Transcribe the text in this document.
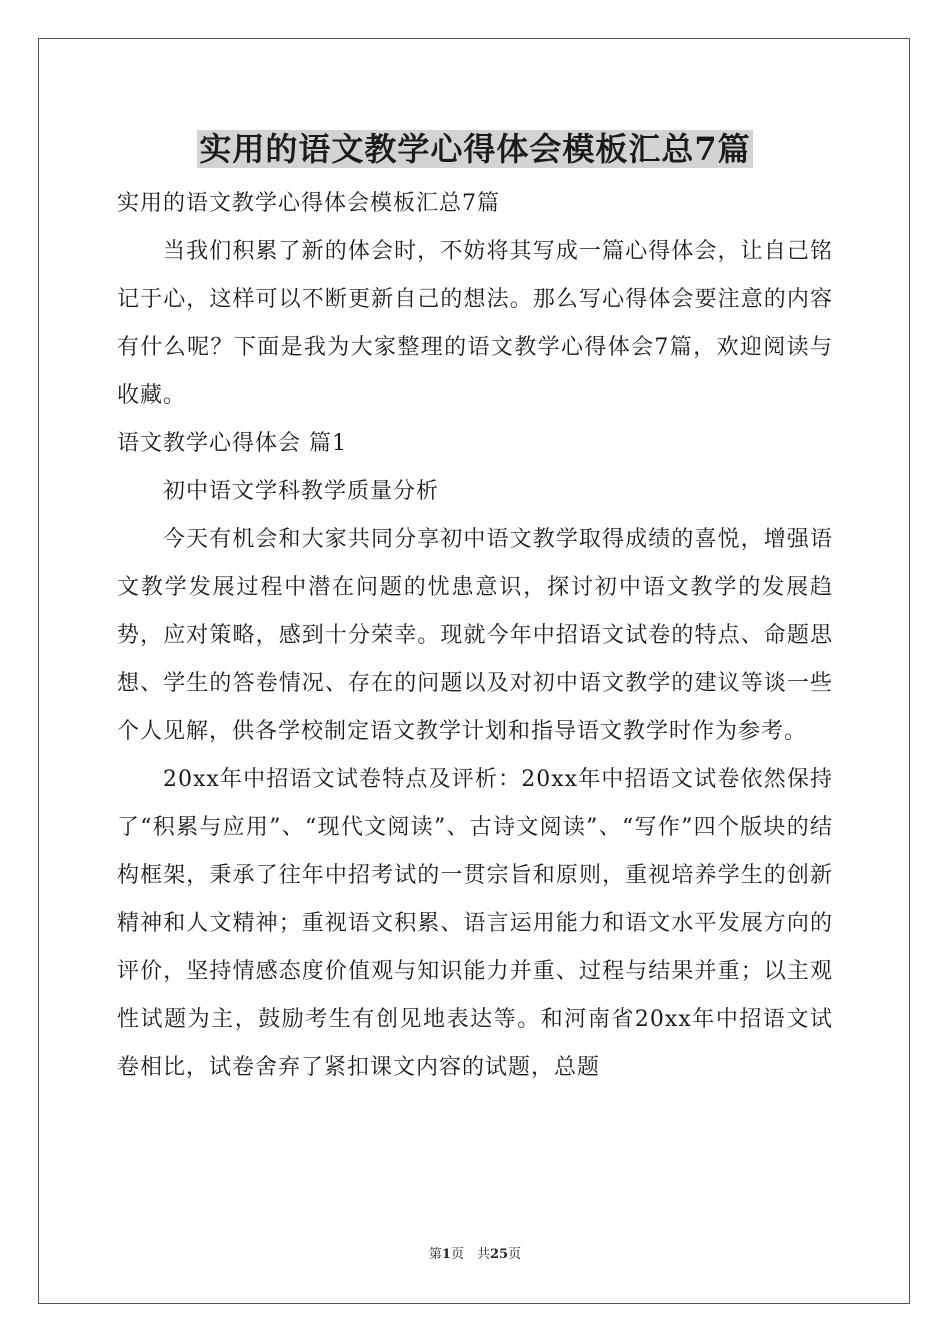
实用的语文教学心得体会模板汇总7篇

实用的语文教学心得体会模板汇总7篇

当我们积累了新的体会时，不妨将其写成一篇心得体会，让自己铭记于心，这样可以不断更新自己的想法。那么写心得体会要注意的内容有什么呢？下面是我为大家整理的语文教学心得体会7篇，欢迎阅读与收藏。

语文教学心得体会 篇1

初中语文学科教学质量分析

今天有机会和大家共同分享初中语文教学取得成绩的喜悦，增强语文教学发展过程中潜在问题的忧患意识，探讨初中语文教学的发展趋势，应对策略，感到十分荣幸。现就今年中招语文试卷的特点、命题思想、学生的答卷情况、存在的问题以及对初中语文教学的建议等谈一些个人见解，供各学校制定语文教学计划和指导语文教学时作为参考。

20xx年中招语文试卷特点及评析：20xx年中招语文试卷依然保持了“积累与应用”、“现代文阅读”、古诗文阅读”、“写作”四个版块的结构框架，秉承了往年中招考试的一贯宗旨和原则，重视培养学生的创新精神和人文精神；重视语文积累、语言运用能力和语文水平发展方向的评价，坚持情感态度价值观与知识能力并重、过程与结果并重；以主观性试题为主，鼓励考生有创见地表达等。和河南省20xx年中招语文试卷相比，试卷舍弃了紧扣课文内容的试题，总题

第1页　共25页
